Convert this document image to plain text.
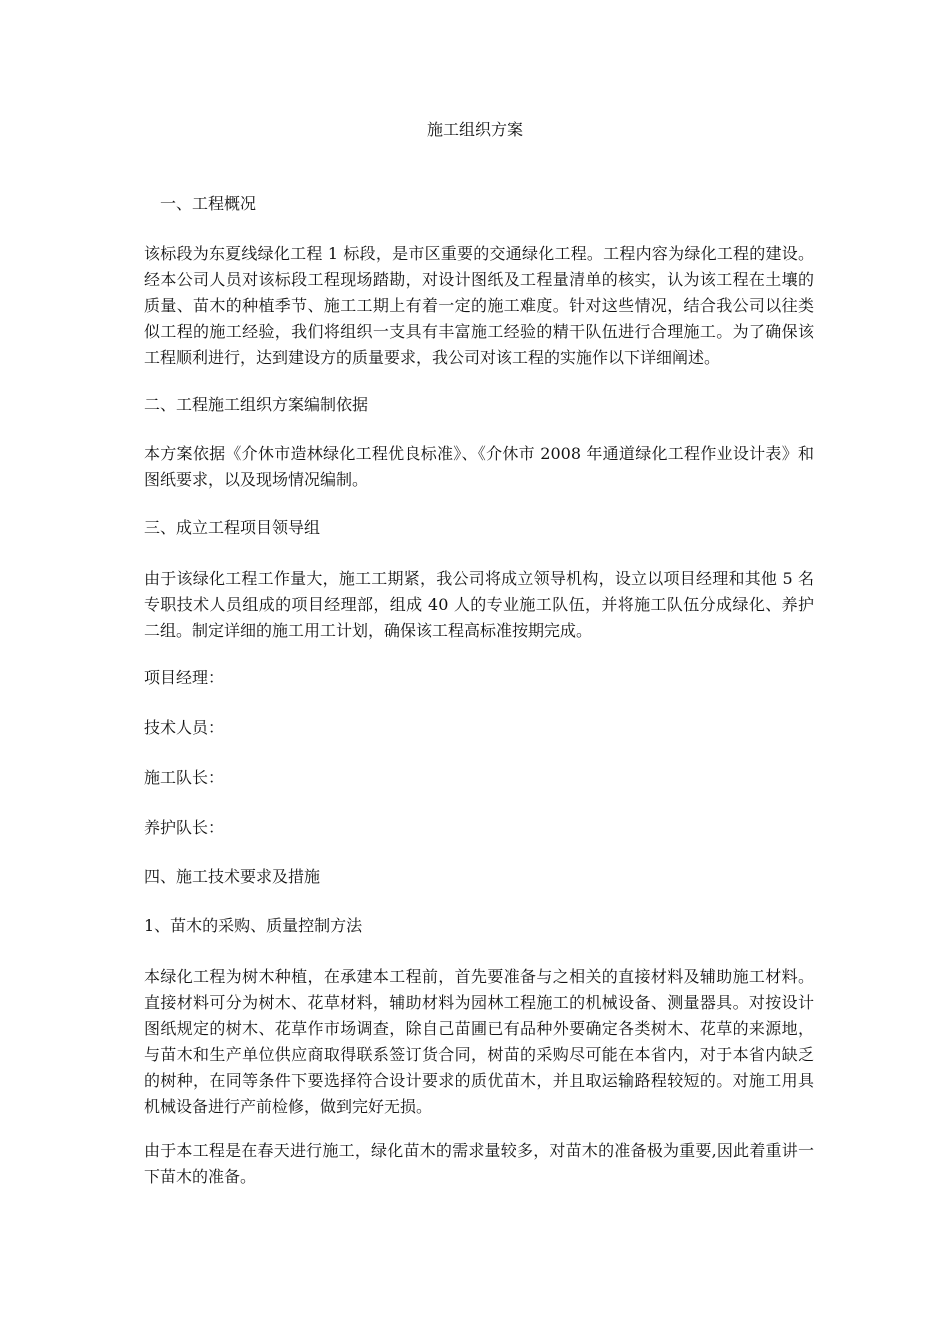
施工组织方案

一、工程概况

该标段为东夏线绿化工程 1 标段，是市区重要的交通绿化工程。工程内容为绿化工程的建设。经本公司人员对该标段工程现场踏勘，对设计图纸及工程量清单的核实，认为该工程在土壤的质量、苗木的种植季节、施工工期上有着一定的施工难度。针对这些情况，结合我公司以往类似工程的施工经验，我们将组织一支具有丰富施工经验的精干队伍进行合理施工。为了确保该工程顺利进行，达到建设方的质量要求，我公司对该工程的实施作以下详细阐述。

二、工程施工组织方案编制依据

本方案依据《介休市造林绿化工程优良标准》、《介休市 2008 年通道绿化工程作业设计表》和图纸要求，以及现场情况编制。

三、成立工程项目领导组

由于该绿化工程工作量大，施工工期紧，我公司将成立领导机构，设立以项目经理和其他 5 名专职技术人员组成的项目经理部，组成 40 人的专业施工队伍，并将施工队伍分成绿化、养护二组。制定详细的施工用工计划，确保该工程高标准按期完成。

项目经理：

技术人员：

施工队长：

养护队长：

四、施工技术要求及措施

1、苗木的采购、质量控制方法

本绿化工程为树木种植，在承建本工程前，首先要准备与之相关的直接材料及辅助施工材料。直接材料可分为树木、花草材料，辅助材料为园林工程施工的机械设备、测量器具。对按设计图纸规定的树木、花草作市场调查，除自己苗圃已有品种外要确定各类树木、花草的来源地，与苗木和生产单位供应商取得联系签订货合同，树苗的采购尽可能在本省内，对于本省内缺乏的树种，在同等条件下要选择符合设计要求的质优苗木，并且取运输路程较短的。对施工用具机械设备进行产前检修，做到完好无损。

由于本工程是在春天进行施工，绿化苗木的需求量较多，对苗木的准备极为重要,因此着重讲一下苗木的准备。
